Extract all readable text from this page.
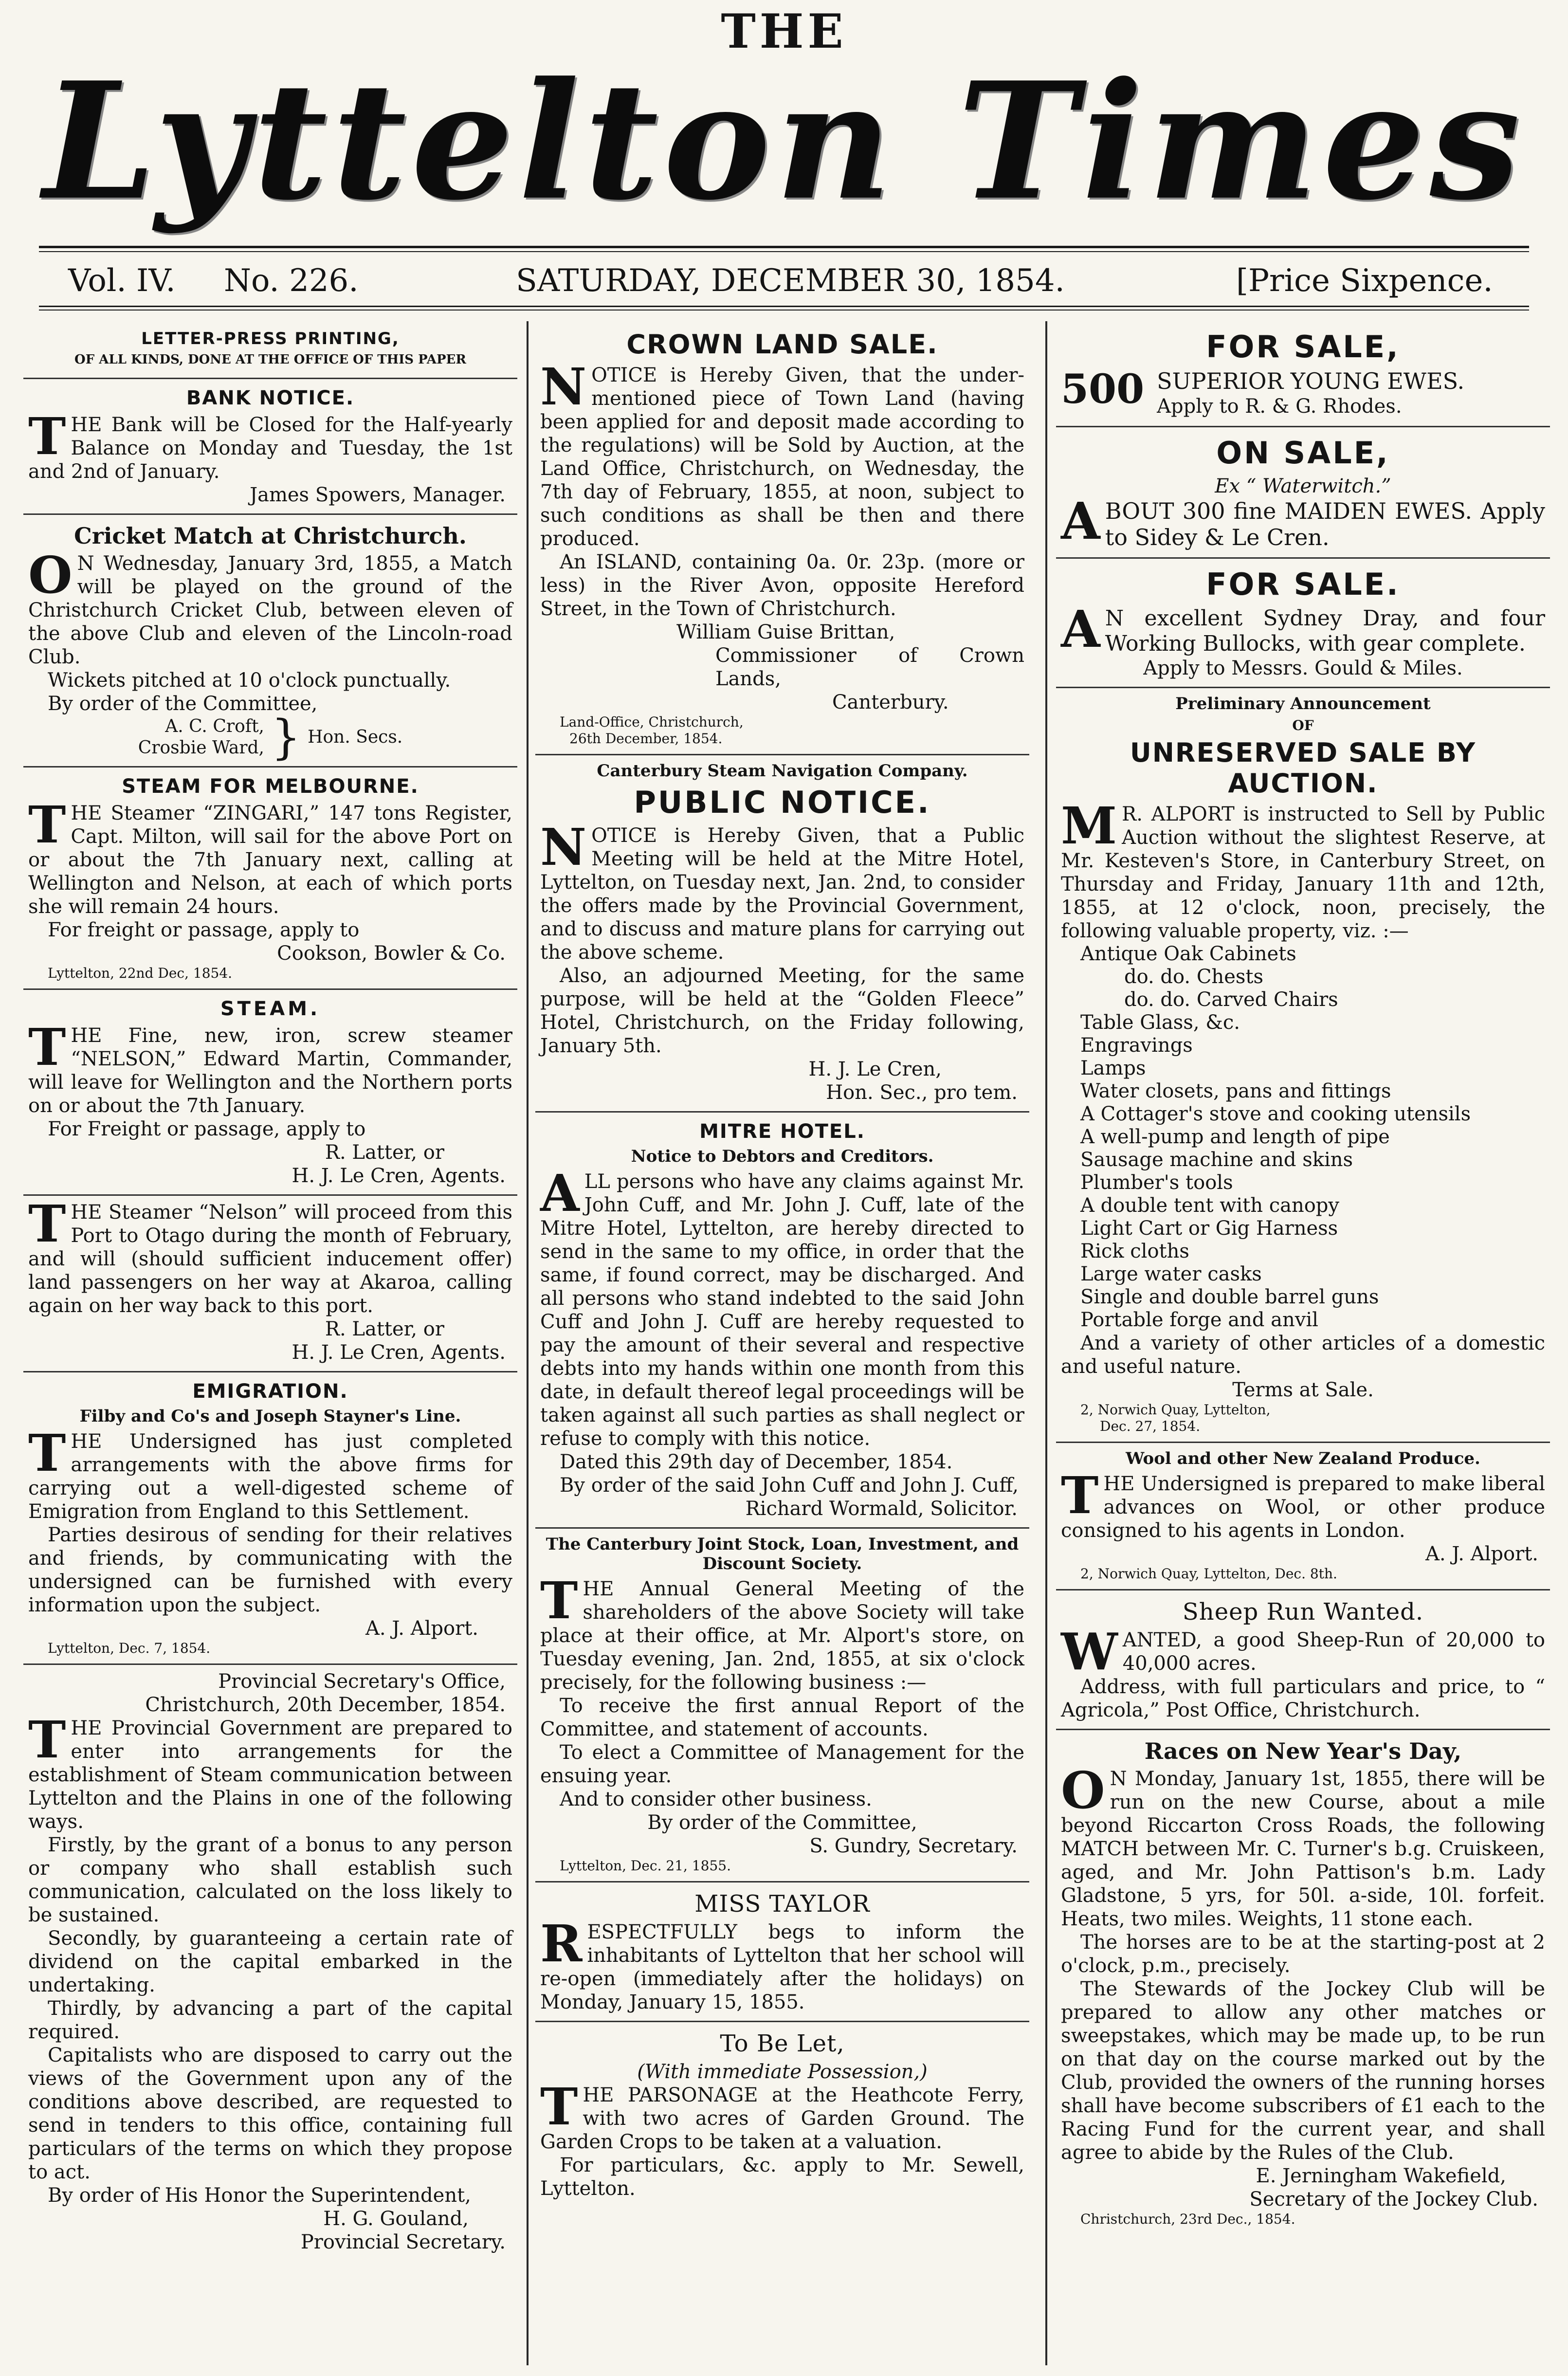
THE
Lyttelton Times
Vol. IV. No. 226.	SATURDAY, DECEMBER 30, 1854.	[Price Sixpence.
LETTER-PRESS PRINTING,
OF ALL KINDS, DONE AT THE OFFICE OF THIS PAPER
BANK NOTICE.
THE Bank will be Closed for the Half-yearly Balance on Monday and Tuesday, the 1st and 2nd of January.
James Spowers, Manager.
Cricket Match at Christchurch.
O N Wednesday, January 3rd, 1855, a Match will be played on the ground of the Christchurch Cricket Club, between eleven of the above Club and eleven of the Lincoln-road Club.
Wickets pitched at 10 o'clock punctually.
By order of the Committee,
A. C. Croft,
Crosbie Ward, } Hon. Secs.
STEAM FOR MELBOURNE.
THE Steamer “ZINGARI,” 147 tons Register, Capt. Milton, will sail for the above Port on or about the 7th January next, calling at Wellington and Nelson, at each of which ports she will remain 24 hours.
For freight or passage, apply to
Cookson, Bowler & Co.
Lyttelton, 22nd Dec, 1854.
STEAM.
THE Fine, new, iron, screw steamer “NELSON,” Edward Martin, Commander, will leave for Wellington and the Northern ports on or about the 7th January.
For Freight or passage, apply to
R. Latter, or
H. J. Le Cren, Agents.
THE Steamer “Nelson” will proceed from this Port to Otago during the month of February, and will (should sufficient inducement offer) land passengers on her way at Akaroa, calling again on her way back to this port.
R. Latter, or
H. J. Le Cren, Agents.
EMIGRATION.
Filby and Co's and Joseph Stayner's Line.
THE Undersigned has just completed arrangements with the above firms for carrying out a well-digested scheme of Emigration from England to this Settlement.
Parties desirous of sending for their relatives and friends, by communicating with the undersigned can be furnished with every information upon the subject.
A. J. Alport.
Lyttelton, Dec. 7, 1854.
Provincial Secretary's Office,
Christchurch, 20th December, 1854.
THE Provincial Government are prepared to enter into arrangements for the establishment of Steam communication between Lyttelton and the Plains in one of the following ways.
Firstly, by the grant of a bonus to any person or company who shall establish such communication, calculated on the loss likely to be sustained.
Secondly, by guaranteeing a certain rate of dividend on the capital embarked in the undertaking.
Thirdly, by advancing a part of the capital required.
Capitalists who are disposed to carry out the views of the Government upon any of the conditions above described, are requested to send in tenders to this office, containing full particulars of the terms on which they propose to act.
By order of His Honor the Superintendent,
H. G. Gouland,
Provincial Secretary.
CROWN LAND SALE.
NOTICE is Hereby Given, that the under-mentioned piece of Town Land (having been applied for and deposit made according to the regulations) will be Sold by Auction, at the Land Office, Christchurch, on Wednesday, the 7th day of February, 1855, at noon, subject to such conditions as shall be then and there produced.
An ISLAND, containing 0a. 0r. 23p. (more or less) in the River Avon, opposite Hereford Street, in the Town of Christchurch.
William Guise Brittan,
Commissioner of Crown Lands,
Canterbury.
Land-Office, Christchurch,
26th December, 1854.
Canterbury Steam Navigation Company.
PUBLIC NOTICE.
NOTICE is Hereby Given, that a Public Meeting will be held at the Mitre Hotel, Lyttelton, on Tuesday next, Jan. 2nd, to consider the offers made by the Provincial Government, and to discuss and mature plans for carrying out the above scheme.
Also, an adjourned Meeting, for the same purpose, will be held at the “Golden Fleece” Hotel, Christchurch, on the Friday following, January 5th.
H. J. Le Cren,
Hon. Sec., pro tem.
MITRE HOTEL.
Notice to Debtors and Creditors.
ALL persons who have any claims against Mr. John Cuff, and Mr. John J. Cuff, late of the Mitre Hotel, Lyttelton, are hereby directed to send in the same to my office, in order that the same, if found correct, may be discharged. And all persons who stand indebted to the said John Cuff and John J. Cuff are hereby requested to pay the amount of their several and respective debts into my hands within one month from this date, in default thereof legal proceedings will be taken against all such parties as shall neglect or refuse to comply with this notice.
Dated this 29th day of December, 1854.
By order of the said John Cuff and John J. Cuff,
Richard Wormald, Solicitor.
The Canterbury Joint Stock, Loan, Investment, and Discount Society.
THE Annual General Meeting of the shareholders of the above Society will take place at their office, at Mr. Alport's store, on Tuesday evening, Jan. 2nd, 1855, at six o'clock precisely, for the following business :—
To receive the first annual Report of the Committee, and statement of accounts.
To elect a Committee of Management for the ensuing year.
And to consider other business.
By order of the Committee,
S. Gundry, Secretary.
Lyttelton, Dec. 21, 1855.
MISS TAYLOR
RESPECTFULLY begs to inform the inhabitants of Lyttelton that her school will re-open (immediately after the holidays) on Monday, January 15, 1855.
To Be Let,
(With immediate Possession,)
THE PARSONAGE at the Heathcote Ferry, with two acres of Garden Ground. The Garden Crops to be taken at a valuation.
For particulars, &c. apply to Mr. Sewell, Lyttelton.
FOR SALE,
500 SUPERIOR YOUNG EWES.
Apply to R. & G. Rhodes.
ON SALE,
Ex “ Waterwitch.”
ABOUT 300 fine MAIDEN EWES. Apply to Sidey & Le Cren.
FOR SALE.
A N excellent Sydney Dray, and four Working Bullocks, with gear complete.
Apply to Messrs. Gould & Miles.
Preliminary Announcement
OF
UNRESERVED SALE BY AUCTION.
M R. ALPORT is instructed to Sell by Public Auction without the slightest Reserve, at Mr. Kesteven's Store, in Canterbury Street, on Thursday and Friday, January 11th and 12th, 1855, at 12 o'clock, noon, precisely, the following valuable property, viz. :—
Antique Oak Cabinets
do. do. Chests
do. do. Carved Chairs
Table Glass, &c.
Engravings
Lamps
Water closets, pans and fittings
A Cottager's stove and cooking utensils
A well-pump and length of pipe
Sausage machine and skins
Plumber's tools
A double tent with canopy
Light Cart or Gig Harness
Rick cloths
Large water casks
Single and double barrel guns
Portable forge and anvil
And a variety of other articles of a domestic and useful nature.
Terms at Sale.
2, Norwich Quay, Lyttelton,
Dec. 27, 1854.
Wool and other New Zealand Produce.
THE Undersigned is prepared to make liberal advances on Wool, or other produce consigned to his agents in London.
A. J. Alport.
2, Norwich Quay, Lyttelton, Dec. 8th.
Sheep Run Wanted.
WANTED, a good Sheep-Run of 20,000 to 40,000 acres.
Address, with full particulars and price, to “ Agricola,” Post Office, Christchurch.
Races on New Year's Day,
O N Monday, January 1st, 1855, there will be run on the new Course, about a mile beyond Riccarton Cross Roads, the following MATCH between Mr. C. Turner's b.g. Cruiskeen, aged, and Mr. John Pattison's b.m. Lady Gladstone, 5 yrs, for 50l. a-side, 10l. forfeit. Heats, two miles. Weights, 11 stone each.
The horses are to be at the starting-post at 2 o'clock, p.m., precisely.
The Stewards of the Jockey Club will be prepared to allow any other matches or sweepstakes, which may be made up, to be run on that day on the course marked out by the Club, provided the owners of the running horses shall have become subscribers of £1 each to the Racing Fund for the current year, and shall agree to abide by the Rules of the Club.
E. Jerningham Wakefield,
Secretary of the Jockey Club.
Christchurch, 23rd Dec., 1854.
